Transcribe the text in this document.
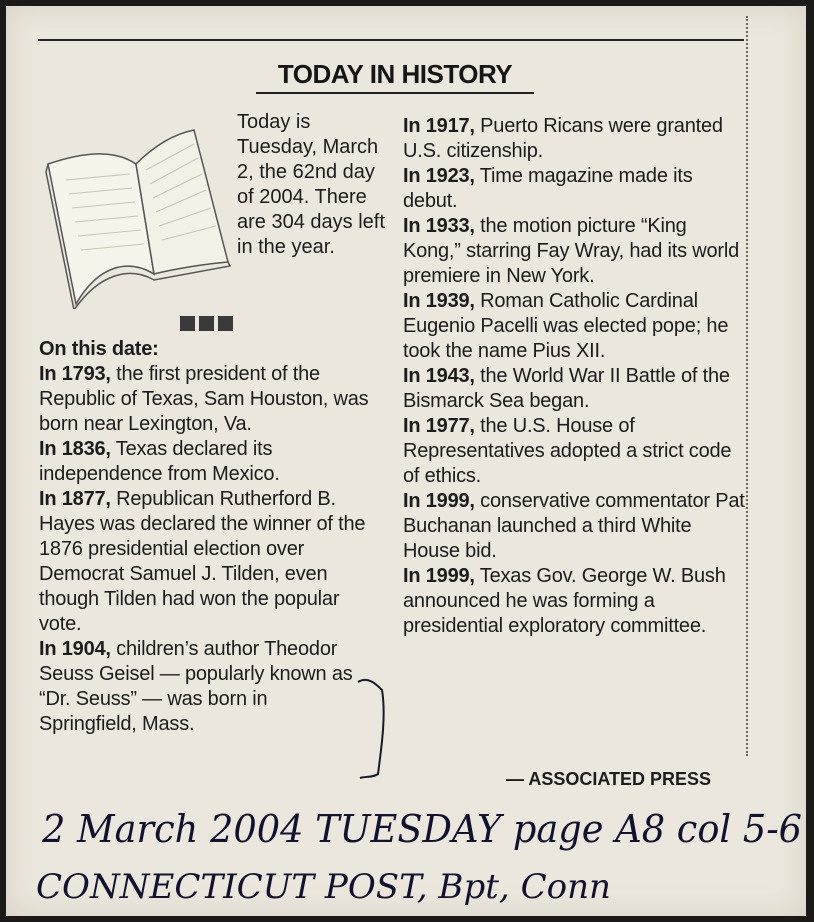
TODAY IN HISTORY

Today is Tuesday, March 2, the 62nd day of 2004. There are 304 days left in the year.

On this date:

In 1793, the first president of the Republic of Texas, Sam Houston, was born near Lexington, Va.

In 1836, Texas declared its independence from Mexico.

In 1877, Republican Rutherford B. Hayes was declared the winner of the 1876 presidential election over Democrat Samuel J. Tilden, even though Tilden had won the popular vote.

In 1904, children’s author Theodor Seuss Geisel — popularly known as “Dr. Seuss” — was born in Springfield, Mass.

In 1917, Puerto Ricans were granted U.S. citizenship.

In 1923, Time magazine made its debut.

In 1933, the motion picture “King Kong,” starring Fay Wray, had its world premiere in New York.

In 1939, Roman Catholic Cardinal Eugenio Pacelli was elected pope; he took the name Pius XII.

In 1943, the World War II Battle of the Bismarck Sea began.

In 1977, the U.S. House of Representatives adopted a strict code of ethics.

In 1999, conservative commentator Pat Buchanan launched a third White House bid.

In 1999, Texas Gov. George W. Bush announced he was forming a presidential exploratory committee.

— ASSOCIATED PRESS
2 March 2004 TUESDAY page A8 col 5-6
CONNECTICUT POST, Bpt, Conn
